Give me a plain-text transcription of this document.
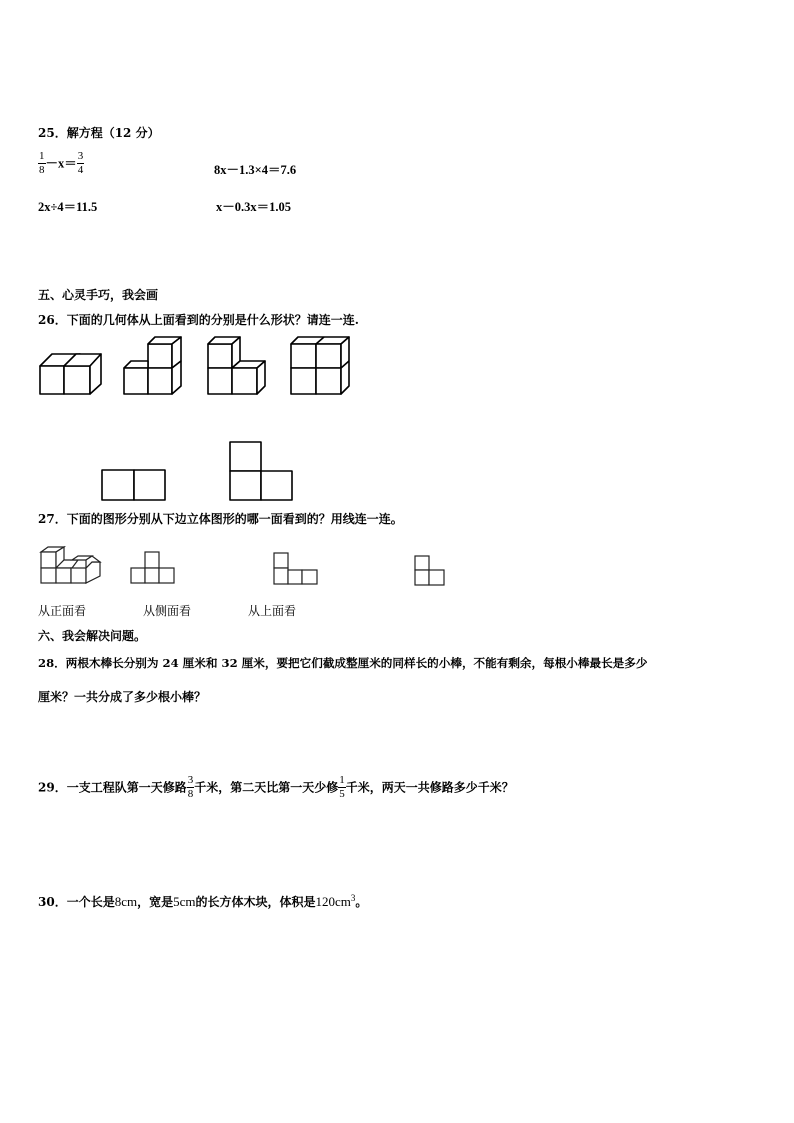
25．解方程（12 分）
$\frac{1}{8} -x= \frac{3}{4}$	8x－1.3×4＝7.6
2x÷4＝11.5	x－0.3x＝1.05
五、心灵手巧，我会画
26．下面的几何体从上面看到的分别是什么形状？请连一连.
27．下面的图形分别从下边立体图形的哪一面看到的？用线连一连。
从正面看	从侧面看	从上面看
六、我会解决问题。
28．两根木棒长分别为 24 厘米和 32 厘米，要把它们截成整厘米的同样长的小棒，不能有剩余，每根小棒最长是多少
厘米？一共分成了多少根小棒？
29．一支工程队第一天修路 $\frac{3}{8}$ 千米，第二天比第一天少修 $\frac{1}{5}$ 千米，两天一共修路多少千米？
30．一个长是8cm，宽是5cm的长方体木块，体积是$120cm^3$。
